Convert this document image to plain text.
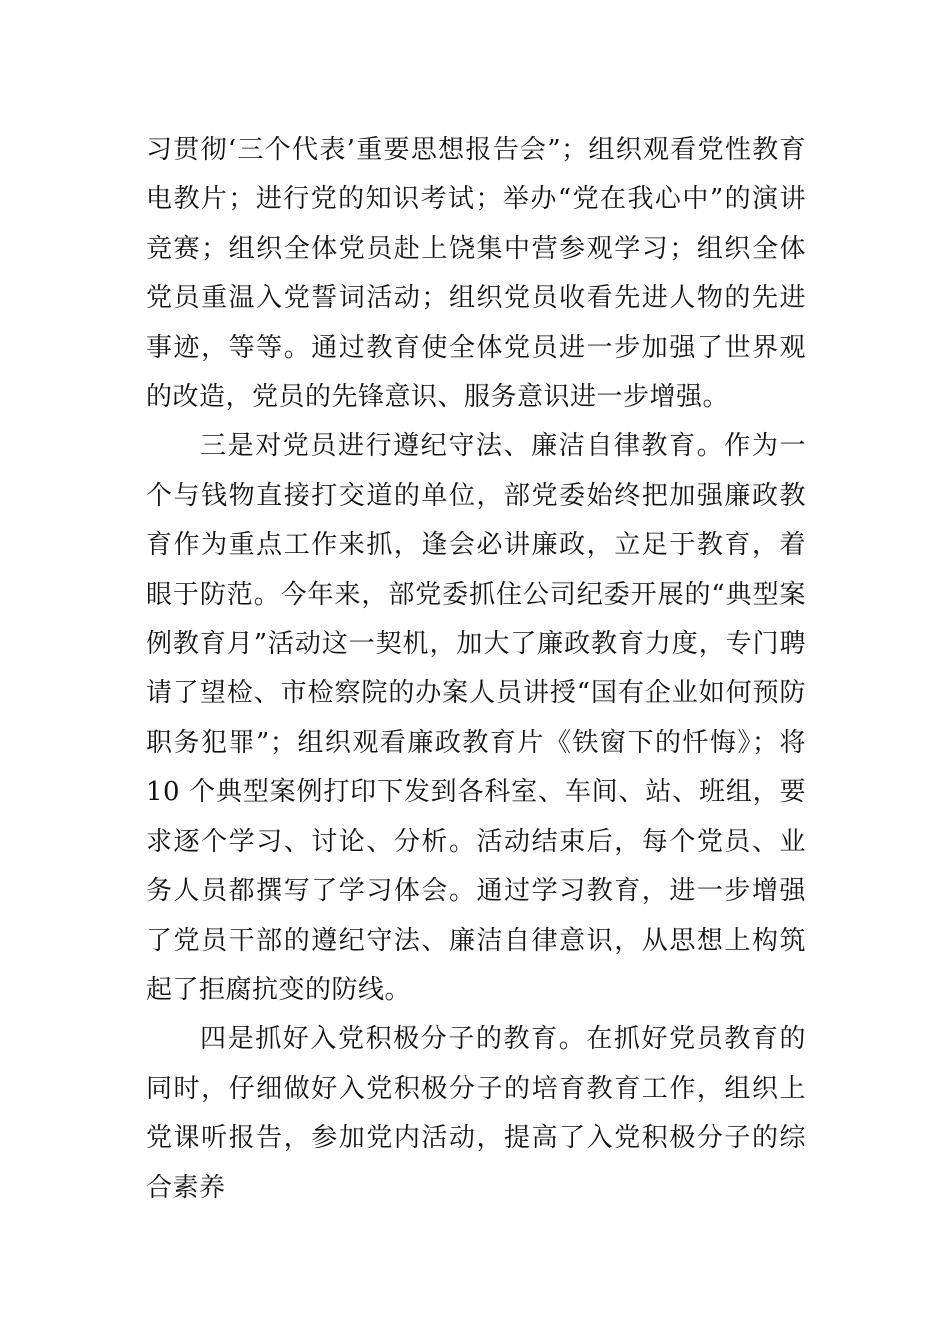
习贯彻‘三个代表’重要思想报告会”；组织观看党性教育电教片；进行党的知识考试；举办“党在我心中”的演讲竞赛；组织全体党员赴上饶集中营参观学习；组织全体党员重温入党誓词活动；组织党员收看先进人物的先进事迹，等等。通过教育使全体党员进一步加强了世界观的改造，党员的先锋意识、服务意识进一步增强。

三是对党员进行遵纪守法、廉洁自律教育。作为一个与钱物直接打交道的单位，部党委始终把加强廉政教育作为重点工作来抓，逢会必讲廉政，立足于教育，着眼于防范。今年来，部党委抓住公司纪委开展的“典型案例教育月”活动这一契机，加大了廉政教育力度，专门聘请了望检、市检察院的办案人员讲授“国有企业如何预防职务犯罪”；组织观看廉政教育片《铁窗下的忏悔》；将 10 个典型案例打印下发到各科室、车间、站、班组，要求逐个学习、讨论、分析。活动结束后，每个党员、业务人员都撰写了学习体会。通过学习教育，进一步增强了党员干部的遵纪守法、廉洁自律意识，从思想上构筑起了拒腐抗变的防线。

四是抓好入党积极分子的教育。在抓好党员教育的同时，仔细做好入党积极分子的培育教育工作，组织上党课听报告，参加党内活动，提高了入党积极分子的综合素养
